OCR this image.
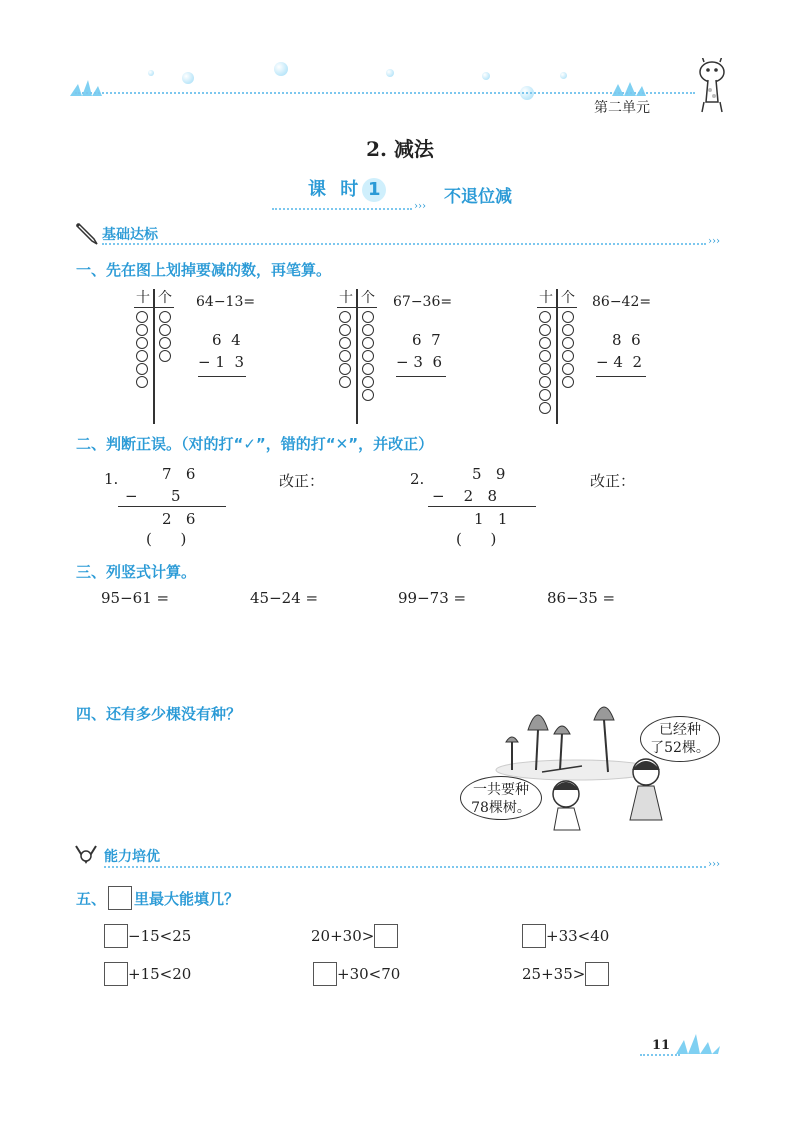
第二单元
2. 减法
课 时 1
››› 不退位减
基础达标	›››
一、先在图上划掉要减的数，再笔算。
十 个 64−13=
6 4
− 1 3
十 个 67−36=
6 7
− 3 6
十 个 86−42=
8 6
− 4 2
二、判断正误。（对的打“✓”，错的打“✕”，并改正）
1.	7 6
− 5
2 6
(      )
改正：	2.	5 9
− 2 8
1 1
(      )
改正：
三、列竖式计算。
95−61 =	45−24 =	99−73 =	86−35 =
四、还有多少棵没有种？
一共要种
78棵树。
已经种
了52棵。
能力培优	›››
五、 里最大能填几？
−15<25	20+30>	+33<40
+15<20	+30<70	25+35>
11
